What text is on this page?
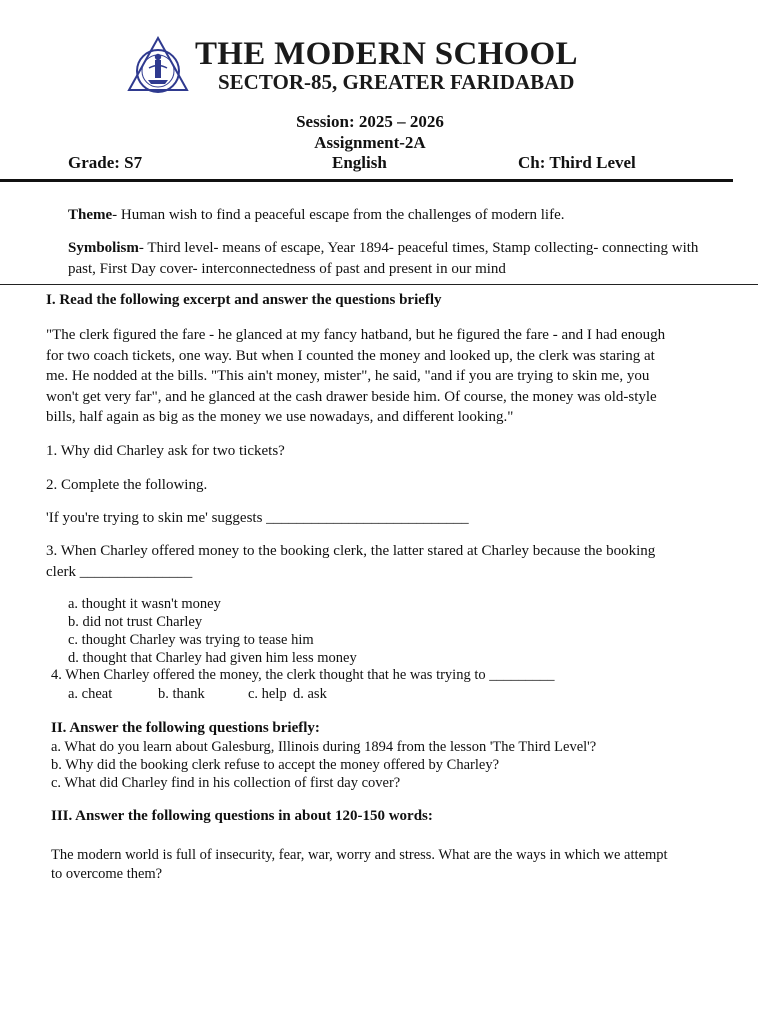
THE MODERN SCHOOL
SECTOR-85, GREATER FARIDABAD
Session: 2025 – 2026
Assignment-2A
Grade: S7	English	Ch: Third Level
Theme- Human wish to find a peaceful escape from the challenges of modern life.
Symbolism- Third level- means of escape, Year 1894- peaceful times, Stamp collecting- connecting with past, First Day cover- interconnectedness of past and present in our mind
I. Read the following excerpt and answer the questions briefly
"The clerk figured the fare - he glanced at my fancy hatband, but he figured the fare - and I had enough for two coach tickets, one way. But when I counted the money and looked up, the clerk was staring at me. He nodded at the bills. "This ain't money, mister", he said, "and if you are trying to skin me, you won't get very far", and he glanced at the cash drawer beside him. Of course, the money was old-style bills, half again as big as the money we use nowadays, and different looking."
1. Why did Charley ask for two tickets?
2. Complete the following.
'If you're trying to skin me' suggests ___________________________
3. When Charley offered money to the booking clerk, the latter stared at Charley because the booking clerk _______________
a. thought it wasn't money
b. did not trust Charley
c. thought Charley was trying to tease him
d. thought that Charley had given him less money
4. When Charley offered the money, the clerk thought that he was trying to _________
a. cheat	b. thank	c. help d. ask
II. Answer the following questions briefly:
a. What do you learn about Galesburg, Illinois during 1894 from the lesson 'The Third Level'?
b. Why did the booking clerk refuse to accept the money offered by Charley?
c. What did Charley find in his collection of first day cover?
III. Answer the following questions in about 120-150 words:
The modern world is full of insecurity, fear, war, worry and stress. What are the ways in which we attempt to overcome them?
